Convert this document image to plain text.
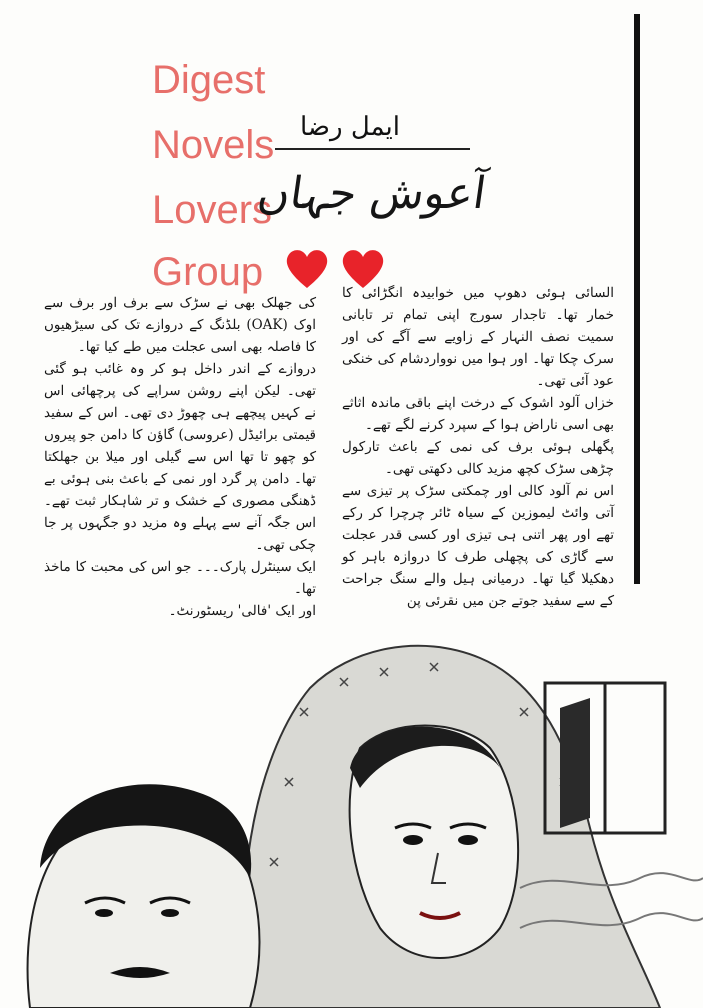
Digest
Novels
Lovers
Group
ایمل رضا
آعوش جہاں

السائی ہوئی دھوپ میں خوابیدہ انگڑائی کا خمار تھا۔ تاجدار سورج اپنی تمام تر تابانی سمیت نصف النہار کے زاویے سے آگے کی اور سرک چکا تھا۔ اور ہوا میں نوواردشام کی خنکی عود آئی تھی۔

خزاں آلود اشوک کے درخت اپنے باقی ماندہ اثاثے بھی اسی ناراض ہوا کے سپرد کرنے لگے تھے۔

پگھلی ہوئی برف کی نمی کے باعث تارکول چڑھی سڑک کچھ مزید کالی دکھتی تھی۔

اس نم آلود کالی اور چمکتی سڑک پر تیزی سے آتی وائٹ لیموزین کے سیاہ ٹائر چرچرا کر رکے تھے اور پھر اتنی ہی تیزی اور کسی قدر عجلت سے گاڑی کی پچھلی طرف کا دروازہ باہر کو دھکیلا گیا تھا۔ درمیانی ہیل والے سنگ جراحت کے سے سفید جوتے جن میں نقرئی پن

کی جھلک بھی نے سڑک سے برف اور برف سے اوک (OAK) بلڈنگ کے دروازے تک کی سیڑھیوں کا فاصلہ بھی اسی عجلت میں طے کیا تھا۔

دروازے کے اندر داخل ہو کر وہ غائب ہو گئی تھی۔ لیکن اپنے روشن سراپے کی پرچھائی اس نے کہیں پیچھے ہی چھوڑ دی تھی۔ اس کے سفید قیمتی برائیڈل (عروسی) گاؤن کا دامن جو پیروں کو چھو تا تھا اس سے گیلی اور میلا بن جھلکتا تھا۔ دامن پر گرد اور نمی کے باعث بنی ہوئی بے ڈھنگی مصوری کے خشک و تر شاہکار ثبت تھے۔ اس جگہ آنے سے پہلے وہ مزید دو جگہوں پر جا چکی تھی۔

ایک سینٹرل پارک۔۔۔ جو اس کی محبت کا ماخذ تھا۔

اور ایک 'فالی' ریسٹورنٹ۔
